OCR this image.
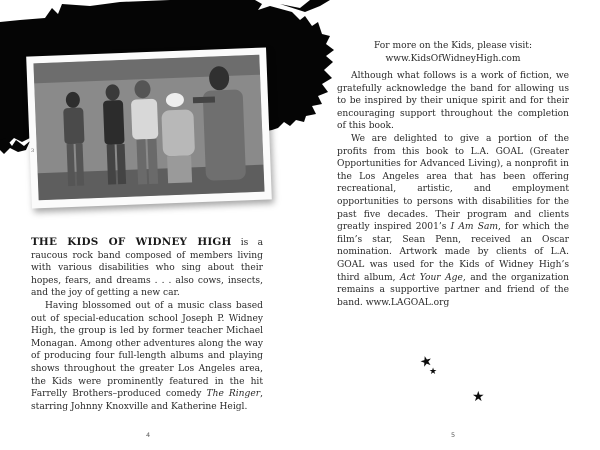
3

THE KIDS OF WIDNEY HIGH is a raucous rock band composed of members living with various disabilities who sing about their hopes, fears, and dreams . . . also cows, insects, and the joy of getting a new car.

Having blossomed out of a music class based out of special-education school Joseph P. Widney High, the group is led by former teacher Michael Monagan. Among other adventures along the way of producing four full-length albums and playing shows throughout the greater Los Angeles area, the Kids were prominently featured in the hit Farrelly Brothers–produced comedy The Ringer, starring Johnny Knoxville and Katherine Heigl.

4
For more on the Kids, please visit:
www.KidsOfWidneyHigh.com

Although what follows is a work of fiction, we gratefully acknowledge the band for allowing us to be inspired by their unique spirit and for their encouraging support throughout the completion of this book.

We are delighted to give a portion of the profits from this book to L.A. GOAL (Greater Opportunities for Advanced Living), a nonprofit in the Los Angeles area that has been offering recreational, artistic, and employment opportunities to persons with disabilities for the past five decades. Their program and clients greatly inspired 2001’s I Am Sam, for which the film’s star, Sean Penn, received an Oscar nomination. Artwork made by clients of L.A. GOAL was used for the Kids of Widney High’s third album, Act Your Age, and the organization remains a supportive partner and friend of the band. www.LAGOAL.org

★
★
★
5
